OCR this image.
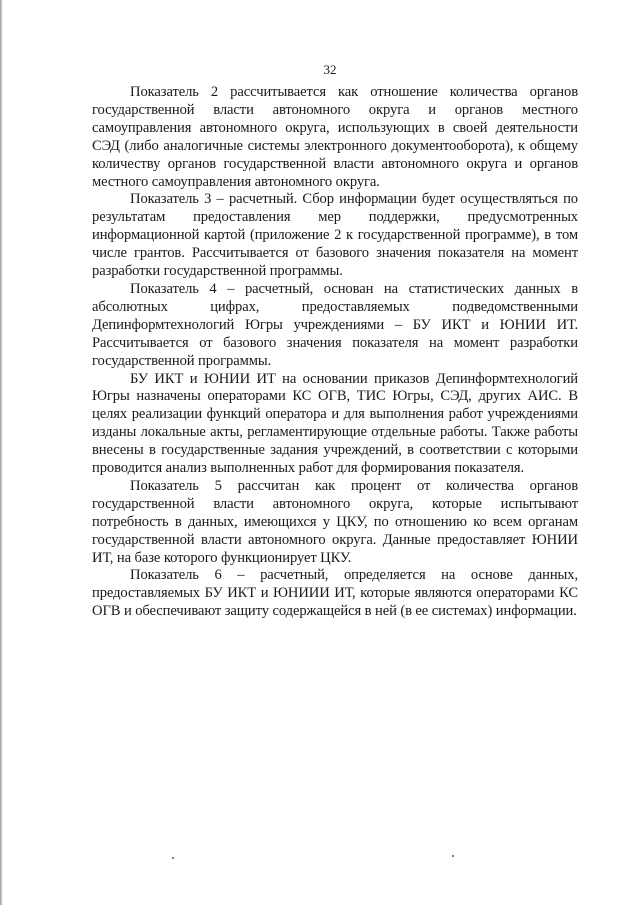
32

Показатель 2 рассчитывается как отношение количества органов государственной власти автономного округа и органов местного самоуправления автономного округа, использующих в своей деятельности СЭД (либо аналогичные системы электронного документооборота), к общему количеству органов государственной власти автономного округа и органов местного самоуправления автономного округа.

Показатель 3 – расчетный. Сбор информации будет осуществляться по результатам предоставления мер поддержки, предусмотренных информационной картой (приложение 2 к государственной программе), в том числе грантов. Рассчитывается от базового значения показателя на момент разработки государственной программы.

Показатель 4 – расчетный, основан на статистических данных в абсолютных цифрах, предоставляемых подведомственными Депинформтехнологий Югры учреждениями – БУ ИКТ и ЮНИИ ИТ. Рассчитывается от базового значения показателя на момент разработки государственной программы.

БУ ИКТ и ЮНИИ ИТ на основании приказов Депинформтехнологий Югры назначены операторами КС ОГВ, ТИС Югры, СЭД, других АИС. В целях реализации функций оператора и для выполнения работ учреждениями изданы локальные акты, регламентирующие отдельные работы. Также работы внесены в государственные задания учреждений, в соответствии с которыми проводится анализ выполненных работ для формирования показателя.

Показатель 5 рассчитан как процент от количества органов государственной власти автономного округа, которые испытывают потребность в данных, имеющихся у ЦКУ, по отношению ко всем органам государственной власти автономного округа. Данные предоставляет ЮНИИ ИТ, на базе которого функционирует ЦКУ.

Показатель 6 – расчетный, определяется на основе данных, предоставляемых БУ ИКТ и ЮНИИИ ИТ, которые являются операторами КС ОГВ и обеспечивают защиту содержащейся в ней (в ее системах) информации.
